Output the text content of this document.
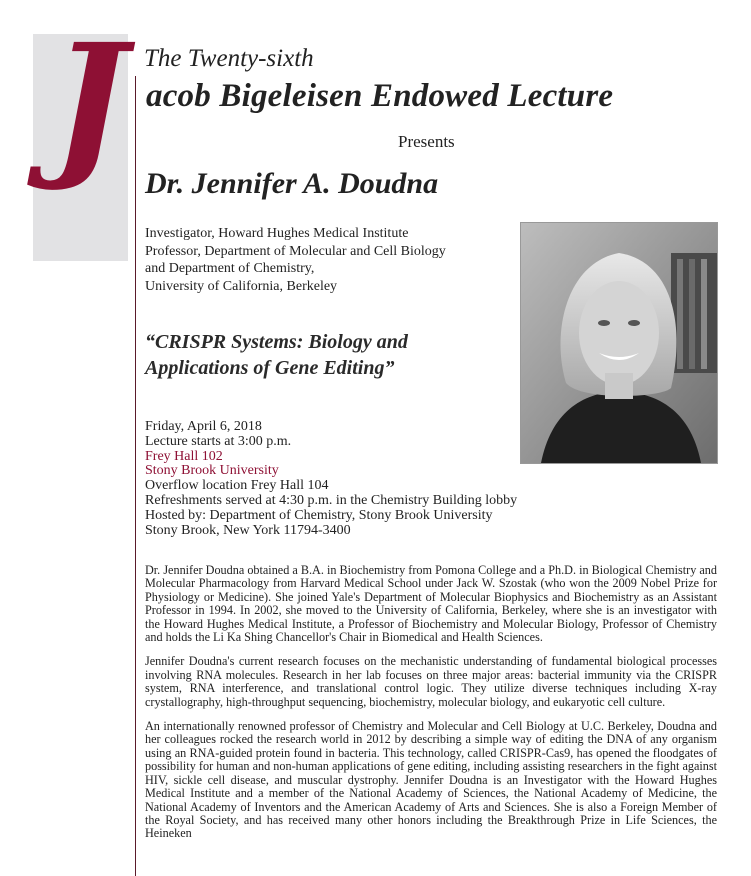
J The Twenty-sixth
acob Bigeleisen Endowed Lecture
Presents
Dr. Jennifer A. Doudna
Investigator, Howard Hughes Medical Institute
Professor, Department of Molecular and Cell Biology
and Department of Chemistry,
University of California, Berkeley
“CRISPR Systems: Biology and
Applications of Gene Editing”
Friday, April 6, 2018
Lecture starts at 3:00 p.m.
Frey Hall 102
Stony Brook University
Overflow location Frey Hall 104
Refreshments served at 4:30 p.m. in the Chemistry Building lobby
Hosted by: Department of Chemistry, Stony Brook University
Stony Brook, New York 11794-3400

Dr. Jennifer Doudna obtained a B.A. in Biochemistry from Pomona College and a Ph.D. in Biological Chemistry and Molecular Pharmacology from Harvard Medical School under Jack W. Szostak (who won the 2009 Nobel Prize for Physiology or Medicine). She joined Yale's Department of Molecular Biophysics and Biochemistry as an Assistant Professor in 1994. In 2002, she moved to the University of California, Berkeley, where she is an investigator with the Howard Hughes Medical Institute, a Professor of Biochemistry and Molecular Biology, Professor of Chemistry and holds the Li Ka Shing Chancellor's Chair in Biomedical and Health Sciences.

Jennifer Doudna's current research focuses on the mechanistic understanding of fundamental biological processes involving RNA molecules. Research in her lab focuses on three major areas: bacterial immunity via the CRISPR system, RNA interference, and translational control logic. They utilize diverse techniques including X-ray crystallography, high-throughput sequencing, biochemistry, molecular biology, and eukaryotic cell culture.

An internationally renowned professor of Chemistry and Molecular and Cell Biology at U.C. Berkeley, Doudna and her colleagues rocked the research world in 2012 by describing a simple way of editing the DNA of any organism using an RNA-guided protein found in bacteria. This technology, called CRISPR-Cas9, has opened the floodgates of possibility for human and non-human applications of gene editing, including assisting researchers in the fight against HIV, sickle cell disease, and muscular dystrophy. Jennifer Doudna is an Investigator with the Howard Hughes Medical Institute and a member of the National Academy of Sciences, the National Academy of Medicine, the National Academy of Inventors and the American Academy of Arts and Sciences. She is also a Foreign Member of the Royal Society, and has received many other honors including the Breakthrough Prize in Life Sciences, the Heineken
